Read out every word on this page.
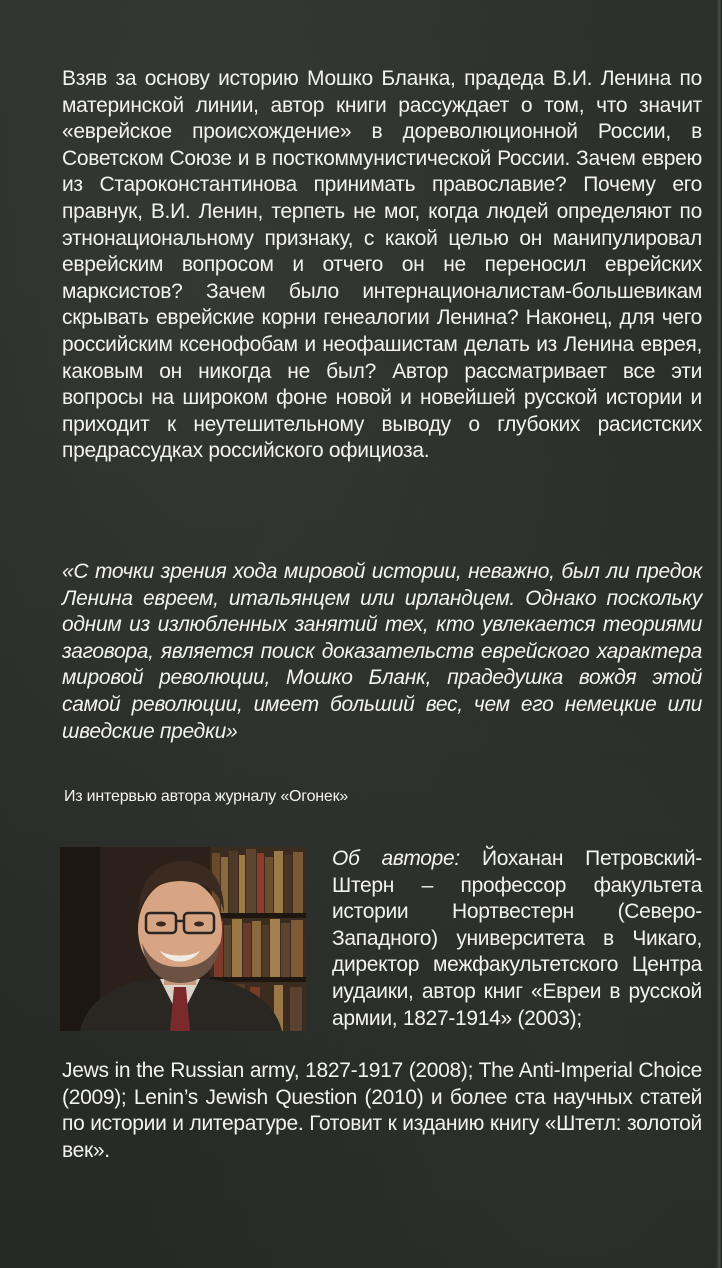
Взяв за основу историю Мошко Бланка, прадеда В.И. Ленина по материнской линии, автор книги рассуждает о том, что значит «еврейское происхождение» в дореволюционной России, в Советском Союзе и в посткоммунистической России. Зачем еврею из Староконстантинова принимать православие? Почему его правнук, В.И. Ленин, терпеть не мог, когда людей определяют по этнонациональному признаку, с какой целью он манипулировал еврейским вопросом и отчего он не переносил еврейских марксистов? Зачем было интернационалистам-большевикам скрывать еврейские корни генеалогии Ленина? Наконец, для чего российским ксенофобам и неофашистам делать из Ленина еврея, каковым он никогда не был? Автор рассматривает все эти вопросы на широком фоне новой и новейшей русской истории и приходит к неутешительному выводу о глубоких расистских предрассудках российского официоза.

«С точки зрения хода мировой истории, неважно, был ли предок Ленина евреем, итальянцем или ирландцем. Однако поскольку одним из излюбленных занятий тех, кто увлекается теориями заговора, является поиск доказательств еврейского характера мировой революции, Мошко Бланк, прадедушка вождя этой самой революции, имеет больший вес, чем его немецкие или шведские предки»

Из интервью автора журналу «Огонек»

Об авторе: Йоханан Петровский-Штерн – профессор факультета истории Нортвестерн (Северо-Западного) университета в Чикаго, директор межфакультетского Центра иудаики, автор книг «Евреи в русской армии, 1827-1914» (2003);

Jews in the Russian army, 1827-1917 (2008); The Anti-Imperial Choice (2009); Lenin’s Jewish Question (2010) и более ста научных статей по истории и литературе. Готовит к изданию книгу «Штетл: золотой век».
